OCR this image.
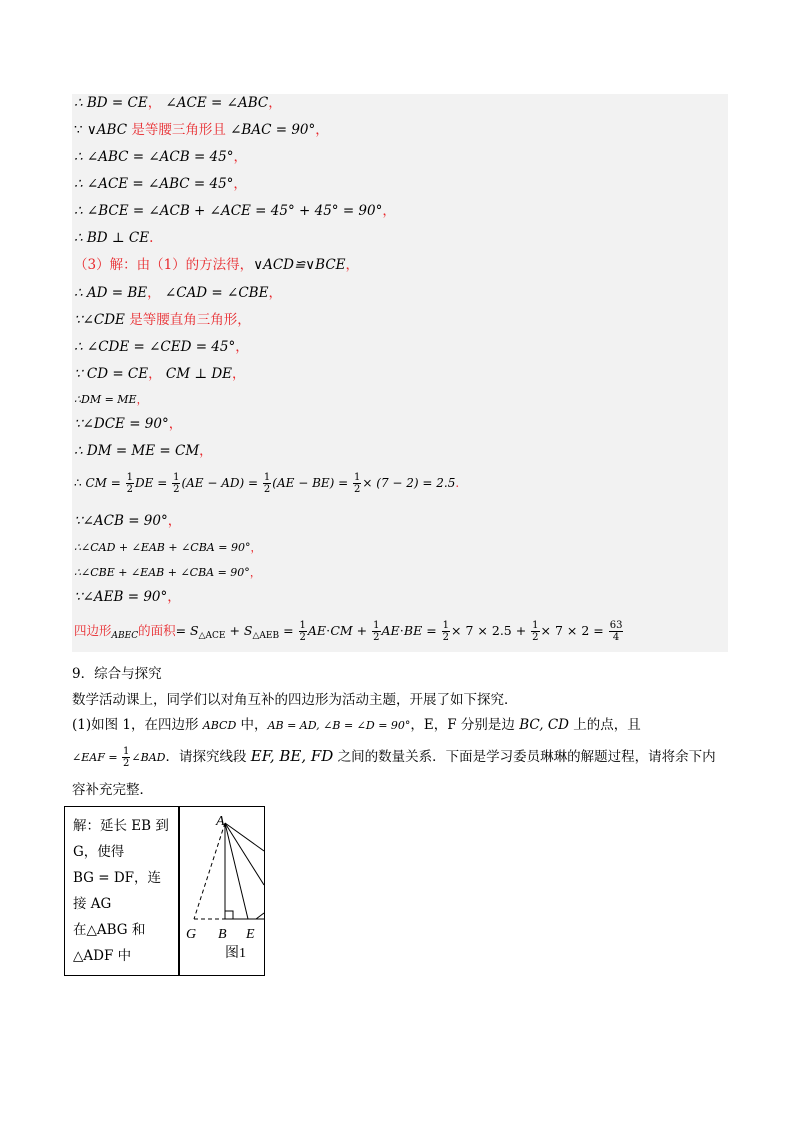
∴ BD = CE， ∠ACE = ∠ABC，
∵ ∨ABC 是等腰三角形且 ∠BAC = 90°，
∴ ∠ABC = ∠ACB = 45°，
∴ ∠ACE = ∠ABC = 45°，
∴ ∠BCE = ∠ACB + ∠ACE = 45° + 45° = 90°，
∴ BD ⊥ CE.
（3）解：由（1）的方法得，∨ACD≌∨BCE，
∴ AD = BE， ∠CAD = ∠CBE，
∵∠CDE 是等腰直角三角形，
∴ ∠CDE = ∠CED = 45°，
∵ CD = CE， CM ⊥ DE，
∴DM = ME，
∵∠DCE = 90°，
∴ DM = ME = CM，
∴ CM = $\frac{1}{2}$ DE = $\frac{1}{2} (AE - AD) = \frac{1}{2} (AE - BE) = \frac{1}{2} \times (7 - 2) = 2.5$.
∵∠ACB = 90°，
∴∠CAD + ∠EAB + ∠CBA = 90°，
∴∠CBE + ∠EAB + ∠CBA = 90°，
∵∠AEB = 90°，
四边形$_{ABEC}$的面积= $S_{\triangle ACE} + S_{\triangle AEB} = \frac{1}{2} AE\cdot CM + \frac{1}{2} AE\cdot BE = \frac{1}{2} \times 7 \times 2.5 + \frac{1}{2} \times 7 \times 2 = \frac{63}{4}$
9．综合与探究
数学活动课上，同学们以对角互补的四边形为活动主题，开展了如下探究．
(1)如图 1，在四边形 ABCD 中，AB = AD, ∠B = ∠D = 90°，E，F 分别是边 BC, CD 上的点，且
∠EAF = $\frac{1}{2}$ ∠BAD．请探究线段 EF, BE, FD 之间的数量关系．下面是学习委员琳琳的解题过程，请将余下内
容补充完整．
解：延长 EB 到
G，使得
BG = DF，连
接 AG
在△ABG 和
△ADF 中
A
G B E
图1
